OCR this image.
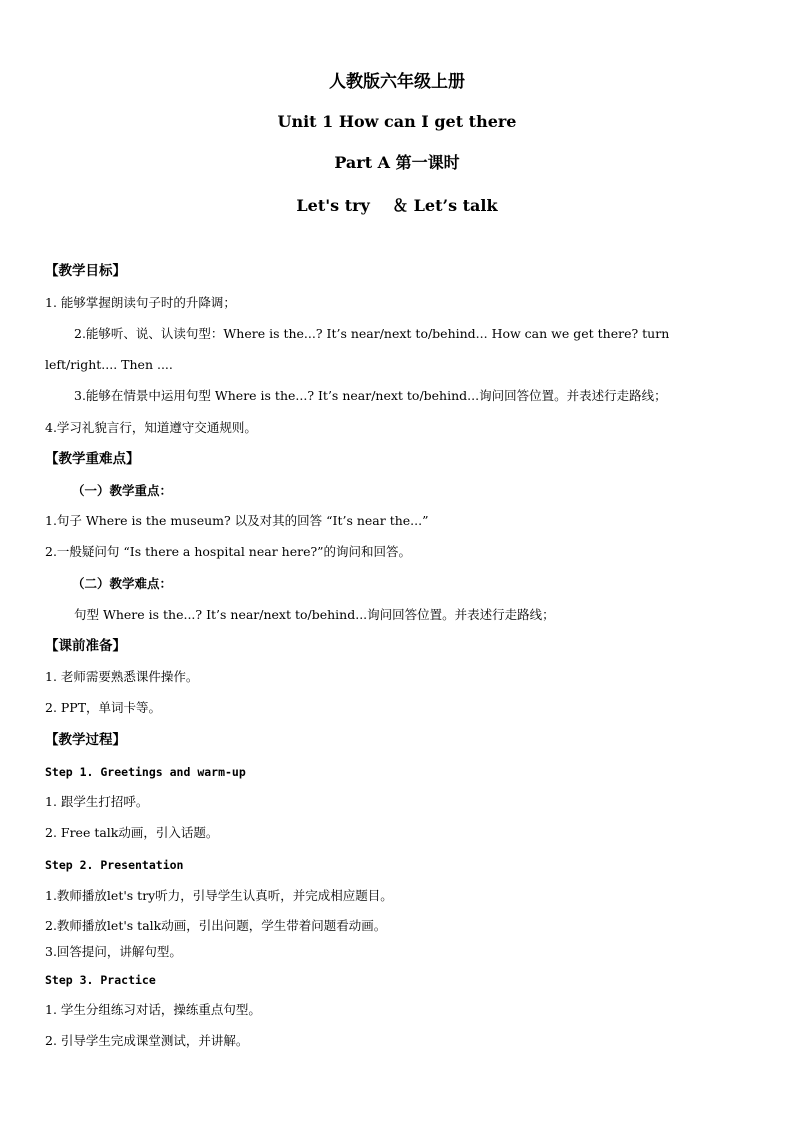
人教版六年级上册
Unit 1 How can I get there
Part A 第一课时
Let's try    ＆ Let’s talk
【教学目标】
1. 能够掌握朗读句子时的升降调；
2.能够听、说、认读句型：Where is the...? It’s near/next to/behind... How can we get there? turn
left/right.... Then ....
3.能够在情景中运用句型 Where is the...? It’s near/next to/behind...询问回答位置。并表述行走路线；
4.学习礼貌言行，知道遵守交通规则。
【教学重难点】
（一）教学重点：
1.句子 Where is the museum? 以及对其的回答 “It’s near the...”
2.一般疑问句 “Is there a hospital near here?”的询问和回答。
（二）教学难点：
句型 Where is the...? It’s near/next to/behind...询问回答位置。并表述行走路线；
【课前准备】
1. 老师需要熟悉课件操作。
2. PPT，单词卡等。
【教学过程】
Step 1. Greetings and warm-up
1. 跟学生打招呼。
2. Free talk动画，引入话题。
Step 2. Presentation
1.教师播放let's try听力，引导学生认真听，并完成相应题目。
2.教师播放let's talk动画，引出问题，学生带着问题看动画。
3.回答提问，讲解句型。
Step 3. Practice
1. 学生分组练习对话，操练重点句型。
2. 引导学生完成课堂测试，并讲解。
